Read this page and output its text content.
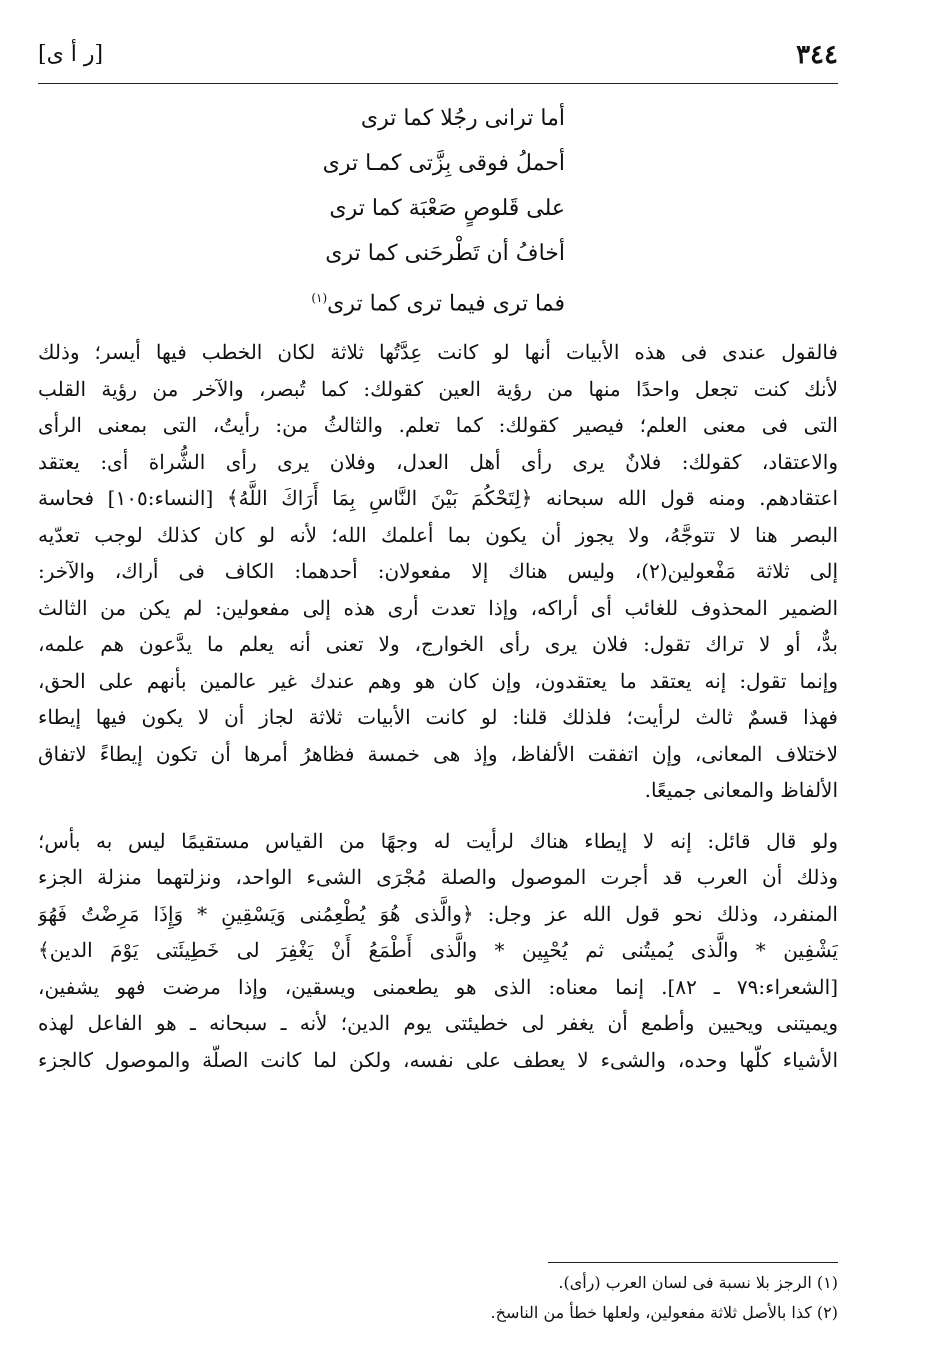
٣٤٤
[ر أ ى]
أما ترانى رجُلا كما ترى
أحملُ فوقى بِزَّتى كمـا ترى
على قَلوصٍ صَعْبَة كما ترى
أخافُ أن تَطْرحَنى كما ترى
فما ترى فيما ترى كما ترى$^{(١)}$
فالقول عندى فى هذه الأبيات أنها لو كانت عِدَّتُها ثلاثة لكان الخطب فيها أيسر؛ وذلك
لأنك كنت تجعل واحدًا منها من رؤية العين كقولك: كما تُبصر، والآخر من رؤية القلب
التى فى معنى العلم؛ فيصير كقولك: كما تعلم. والثالثُ من: رأيتُ، التى بمعنى الرأى
والاعتقاد، كقولك: فلانٌ يرى رأى أهل العدل، وفلان يرى رأى الشُّراة أى: يعتقد
اعتقادهم. ومنه قول الله سبحانه ﴿لِتَحْكُمَ بَيْنَ النَّاسِ بِمَا أَرَاكَ اللَّهُ﴾ [النساء:١٠٥] فحاسة
البصر هنا لا تتوجَّهُ، ولا يجوز أن يكون بما أعلمك الله؛ لأنه لو كان كذلك لوجب تعدّيه
إلى ثلاثة مَفْعولين(٢)، وليس هناك إلا مفعولان: أحدهما: الكاف فى أراك، والآخر:
الضمير المحذوف للغائب أى أراكه، وإذا تعدت أرى هذه إلى مفعولين: لم يكن من الثالث
بدٌّ، أو لا تراك تقول: فلان يرى رأى الخوارج، ولا تعنى أنه يعلم ما يدَّعون هم علمه،
وإنما تقول: إنه يعتقد ما يعتقدون، وإن كان هو وهم عندك غير عالمين بأنهم على الحق،
فهذا قسمٌ ثالث لرأيت؛ فلذلك قلنا: لو كانت الأبيات ثلاثة لجاز أن لا يكون فيها إيطاء
لاختلاف المعانى، وإن اتفقت الألفاظ، وإذ هى خمسة فظاهرُ أمرها أن تكون إيطاءً لاتفاق
الألفاظ والمعانى جميعًا.
ولو قال قائل: إنه لا إيطاء هناك لرأيت له وجهًا من القياس مستقيمًا ليس به بأس؛
وذلك أن العرب قد أجرت الموصول والصلة مُجْرَى الشىء الواحد، ونزلتهما منزلة الجزء
المنفرد، وذلك نحو قول الله عز وجل: ﴿والَّذى هُوَ يُطْعِمُنى وَيَسْقِينِ * وَإِذَا مَرِضْتُ فَهُوَ
يَشْفِين * والَّذى يُميتُنى ثم يُحْيِين * والَّذى أَطْمَعُ أَنْ يَغْفِرَ لى خَطِيئَتى يَوْمَ الدين﴾
[الشعراء:٧٩ ـ ٨٢]. إنما معناه: الذى هو يطعمنى ويسقين، وإذا مرضت فهو يشفين،
ويميتنى ويحيين وأطمع أن يغفر لى خطيئتى يوم الدين؛ لأنه ـ سبحانه ـ هو الفاعل لهذه
الأشياء كلّها وحده، والشىء لا يعطف على نفسه، ولكن لما كانت الصلّة والموصول كالجزء
(١) الرجز بلا نسبة فى لسان العرب (رأى).
(٢) كذا بالأصل ثلاثة مفعولين، ولعلها خطأ من الناسخ.
